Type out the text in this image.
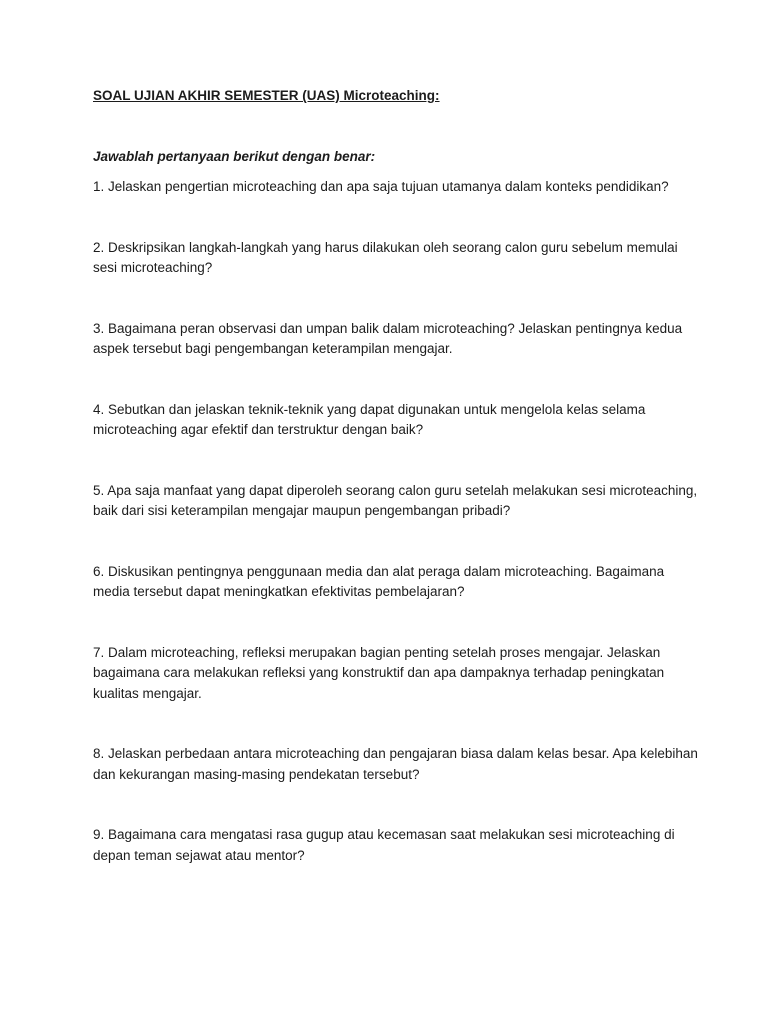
SOAL UJIAN AKHIR SEMESTER (UAS) Microteaching:

Jawablah pertanyaan berikut dengan benar:

1. Jelaskan pengertian microteaching dan apa saja tujuan utamanya dalam konteks pendidikan?
2. Deskripsikan langkah-langkah yang harus dilakukan oleh seorang calon guru sebelum memulai sesi microteaching?
3. Bagaimana peran observasi dan umpan balik dalam microteaching? Jelaskan pentingnya kedua aspek tersebut bagi pengembangan keterampilan mengajar.
4. Sebutkan dan jelaskan teknik-teknik yang dapat digunakan untuk mengelola kelas selama microteaching agar efektif dan terstruktur dengan baik?
5. Apa saja manfaat yang dapat diperoleh seorang calon guru setelah melakukan sesi microteaching, baik dari sisi keterampilan mengajar maupun pengembangan pribadi?
6. Diskusikan pentingnya penggunaan media dan alat peraga dalam microteaching. Bagaimana media tersebut dapat meningkatkan efektivitas pembelajaran?
7. Dalam microteaching, refleksi merupakan bagian penting setelah proses mengajar. Jelaskan bagaimana cara melakukan refleksi yang konstruktif dan apa dampaknya terhadap peningkatan kualitas mengajar.
8. Jelaskan perbedaan antara microteaching dan pengajaran biasa dalam kelas besar. Apa kelebihan dan kekurangan masing-masing pendekatan tersebut?
9. Bagaimana cara mengatasi rasa gugup atau kecemasan saat melakukan sesi microteaching di depan teman sejawat atau mentor?
